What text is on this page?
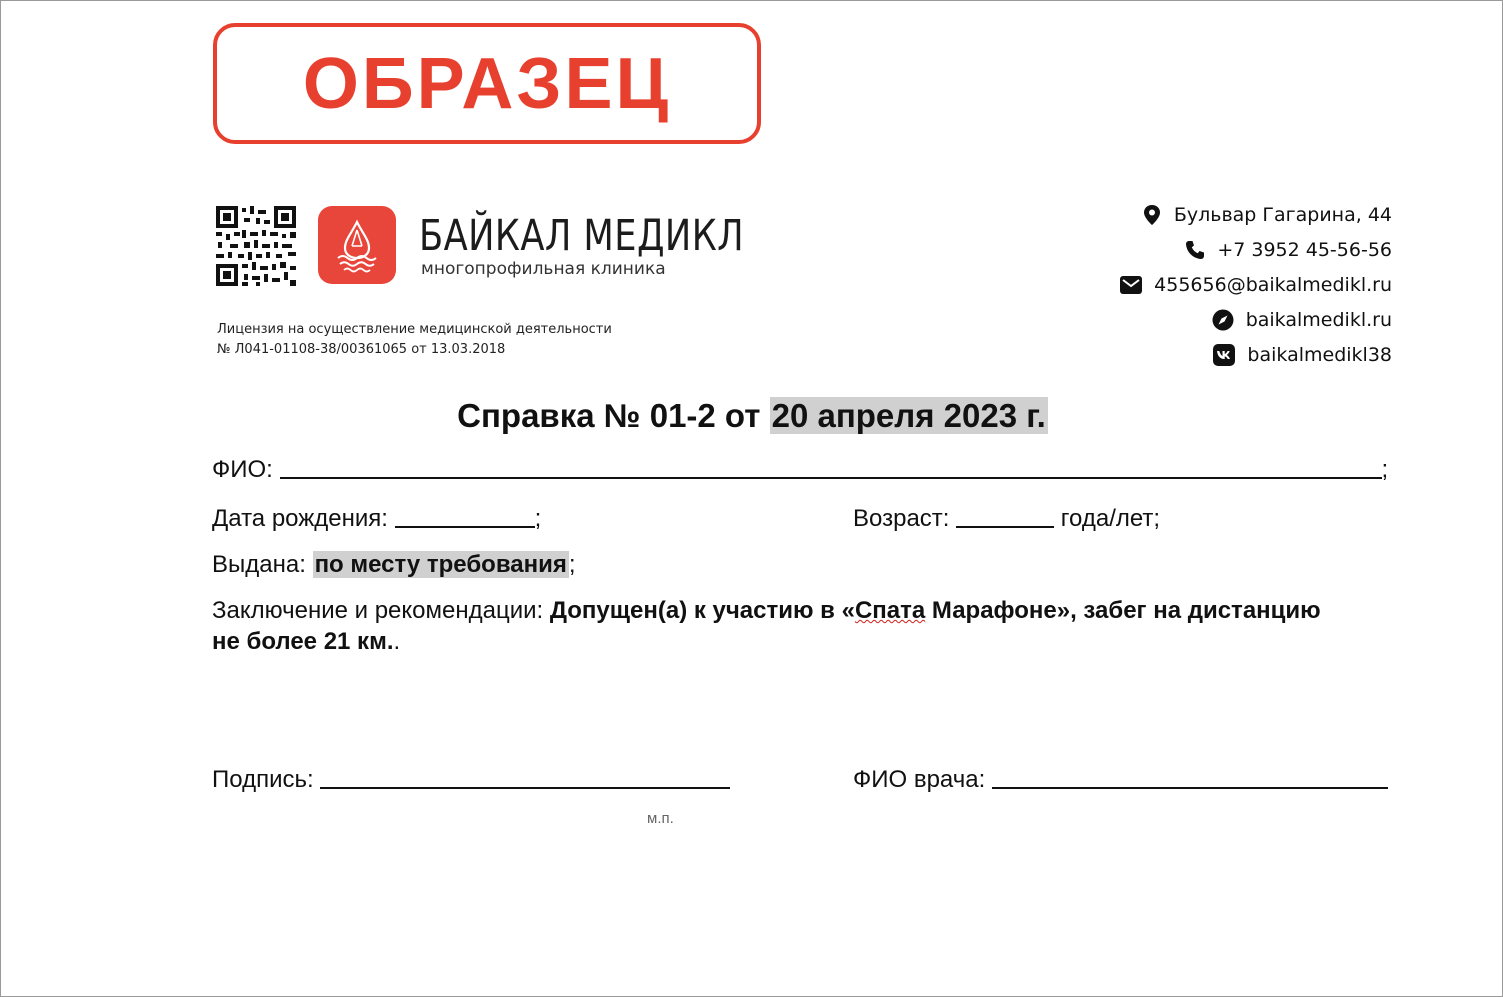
ОБРАЗЕЦ
БАЙКАЛ МЕДИКЛ
многопрофильная клиника
Лицензия на осуществление медицинской деятельности
№ Л041-01108-38/00361065 от 13.03.2018
Бульвар Гагарина, 44
+7 3952 45-56-56
455656@baikalmedikl.ru
baikalmedikl.ru
baikalmedikl38
Справка № 01-2 от 20 апреля 2023 г.
ФИО:	;
Дата рождения:	;	Возраст:	года/лет;
Выдана: по месту требования;
Заключение и рекомендации: Допущен(а) к участию в «Спата Марафоне», забег на дистанцию
не более 21 км..
Подпись:	ФИО врача:
м.п.
